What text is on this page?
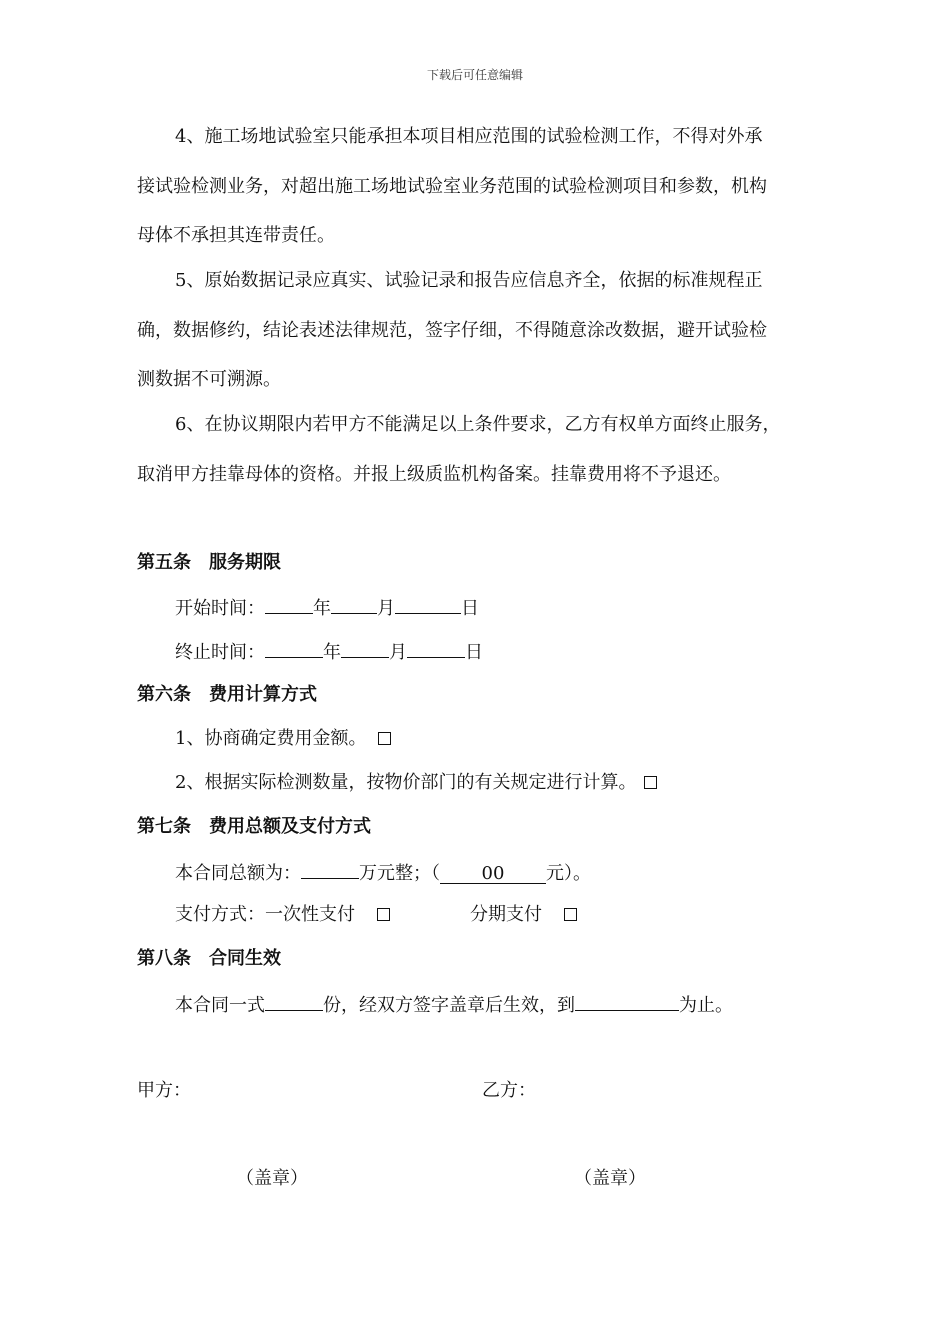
下载后可任意编辑
4、施工场地试验室只能承担本项目相应范围的试验检测工作，不得对外承
接试验检测业务，对超出施工场地试验室业务范围的试验检测项目和参数，机构
母体不承担其连带责任。
5、原始数据记录应真实、试验记录和报告应信息齐全，依据的标准规程正
确，数据修约，结论表述法律规范，签字仔细，不得随意涂改数据，避开试验检
测数据不可溯源。
6、在协议期限内若甲方不能满足以上条件要求，乙方有权单方面终止服务，
取消甲方挂靠母体的资格。并报上级质监机构备案。挂靠费用将不予退还。
第五条　服务期限
开始时间：	年	月	日
终止时间：	年	月	日
第六条　费用计算方式
1、协商确定费用金额。
2、根据实际检测数量，按物价部门的有关规定进行计算。
第七条　费用总额及支付方式
本合同总额为：	万元整；（ 00 元）。
支付方式：一次性支付	分期支付
第八条　合同生效
本合同一式	份，经双方签字盖章后生效，到	为止。
甲方：	乙方：
（盖章）	（盖章）
